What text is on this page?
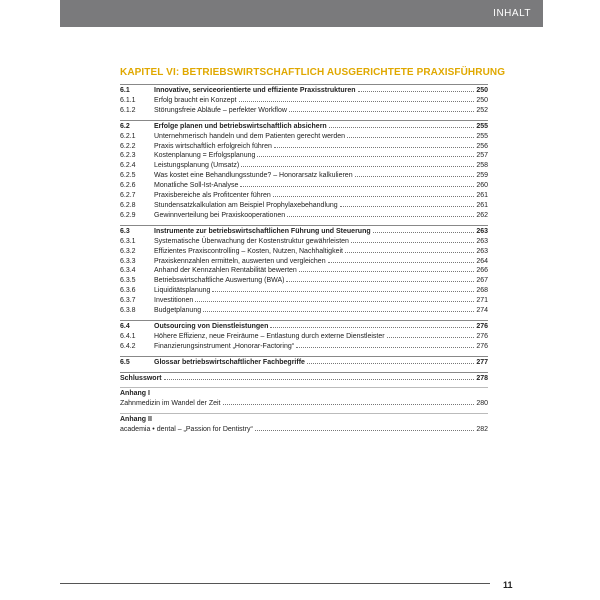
INHALT
KAPITEL VI: BETRIEBSWIRTSCHAFTLICH AUSGERICHTETE PRAXISFÜHRUNG
6.1	Innovative, serviceorientierte und effiziente Praxisstrukturen	250
6.1.1	Erfolg braucht ein Konzept	250
6.1.2	Störungsfreie Abläufe – perfekter Workflow	252
6.2	Erfolge planen und betriebswirtschaftlich absichern	255
6.2.1	Unternehmerisch handeln und dem Patienten gerecht werden	255
6.2.2	Praxis wirtschaftlich erfolgreich führen	256
6.2.3	Kostenplanung = Erfolgsplanung	257
6.2.4	Leistungsplanung (Umsatz)	258
6.2.5	Was kostet eine Behandlungsstunde? – Honorarsatz kalkulieren	259
6.2.6	Monatliche Soll-Ist-Analyse	260
6.2.7	Praxisbereiche als Profitcenter führen	261
6.2.8	Stundensatzkalkulation am Beispiel Prophylaxebehandlung	261
6.2.9	Gewinnverteilung bei Praxiskooperationen	262
6.3	Instrumente zur betriebswirtschaftlichen Führung und Steuerung	263
6.3.1	Systematische Überwachung der Kostenstruktur gewährleisten	263
6.3.2	Effizientes Praxiscontrolling – Kosten, Nutzen, Nachhaltigkeit	263
6.3.3	Praxiskennzahlen ermitteln, auswerten und vergleichen	264
6.3.4	Anhand der Kennzahlen Rentabilität bewerten	266
6.3.5	Betriebswirtschaftliche Auswertung (BWA)	267
6.3.6	Liquiditätsplanung	268
6.3.7	Investitionen	271
6.3.8	Budgetplanung	274
6.4	Outsourcing von Dienstleistungen	276
6.4.1	Höhere Effizienz, neue Freiräume – Entlastung durch externe Dienstleister	276
6.4.2	Finanzierungsinstrument „Honorar-Factoring“	276
6.5	Glossar betriebswirtschaftlicher Fachbegriffe	277
Schlusswort	278
Anhang I
Zahnmedizin im Wandel der Zeit	280
Anhang II
academia • dental – „Passion for Dentistry“	282
11
